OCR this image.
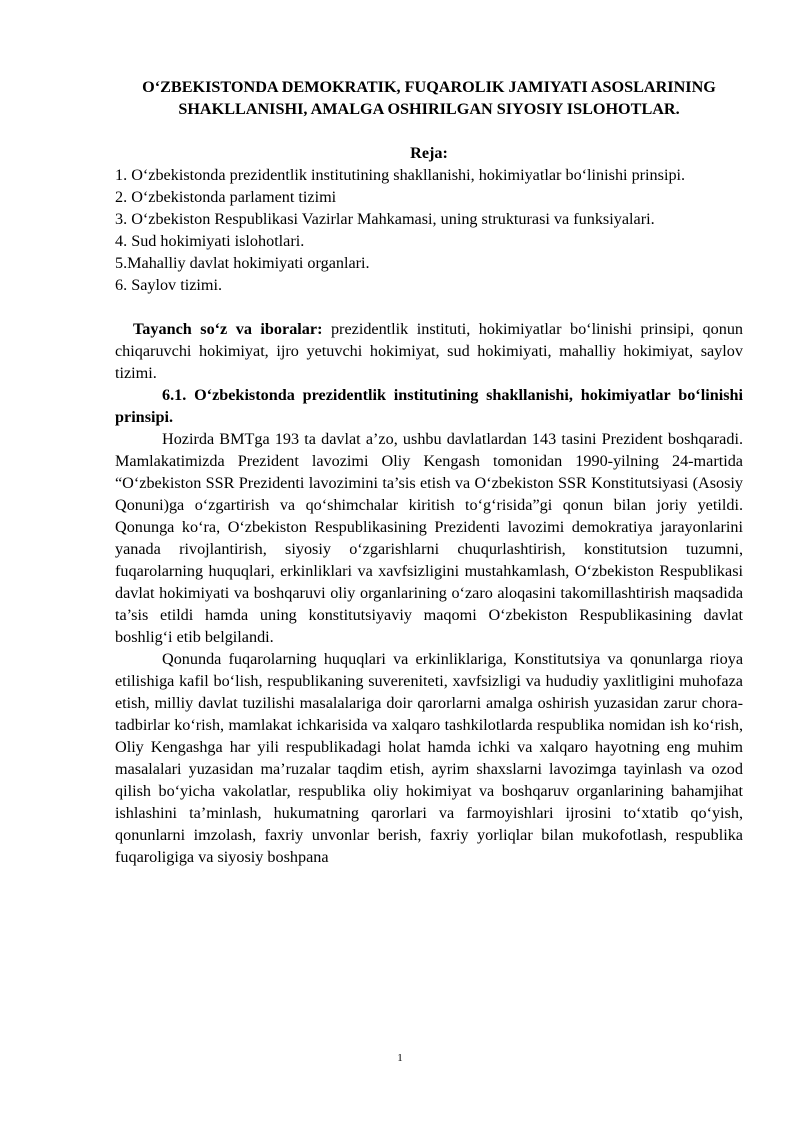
O‘ZBEKISTONDA DEMOKRATIK, FUQAROLIK JAMIYATI ASOSLARINING SHAKLLANISHI, AMALGA OSHIRILGAN SIYOSIY ISLOHOTLAR.

Reja:

1. O‘zbekistonda prezidentlik institutining shakllanishi, hokimiyatlar bo‘linishi prinsipi.
2. O‘zbekistonda parlament tizimi
3. O‘zbekiston Respublikasi Vazirlar Mahkamasi, uning strukturasi va funksiyalari.
4. Sud hokimiyati islohotlari.
5.Mahalliy davlat hokimiyati organlari.
6. Saylov tizimi.

Tayanch so‘z va iboralar: prezidentlik instituti, hokimiyatlar bo‘linishi prinsipi, qonun chiqaruvchi hokimiyat, ijro yetuvchi hokimiyat, sud hokimiyati, mahalliy hokimiyat, saylov tizimi.

6.1. O‘zbekistonda prezidentlik institutining shakllanishi, hokimiyatlar bo‘linishi prinsipi.

Hozirda BMTga 193 ta davlat a’zo, ushbu davlatlardan 143 tasini Prezident boshqaradi. Mamlakatimizda Prezident lavozimi Oliy Kengash tomonidan 1990-yilning 24-martida “O‘zbekiston SSR Prezidenti lavozimini ta’sis etish va O‘zbekiston SSR Konstitutsiyasi (Asosiy Qonuni)ga o‘zgartirish va qo‘shimchalar kiritish to‘g‘risida”gi qonun bilan joriy yetildi. Qonunga ko‘ra, O‘zbekiston Respublikasining Prezidenti lavozimi demokratiya jarayonlarini yanada rivojlantirish, siyosiy o‘zgarishlarni chuqurlashtirish, konstitutsion tuzumni, fuqarolarning huquqlari, erkinliklari va xavfsizligini mustahkamlash, O‘zbekiston Respublikasi davlat hokimiyati va boshqaruvi oliy organlarining o‘zaro aloqasini takomillashtirish maqsadida ta’sis etildi hamda uning konstitutsiyaviy maqomi O‘zbekiston Respublikasining davlat boshlig‘i etib belgilandi.

Qonunda fuqarolarning huquqlari va erkinliklariga, Konstitutsiya va qonunlarga rioya etilishiga kafil bo‘lish, respublikaning suvereniteti, xavfsizligi va hududiy yaxlitligini muhofaza etish, milliy davlat tuzilishi masalalariga doir qarorlarni amalga oshirish yuzasidan zarur chora-tadbirlar ko‘rish, mamlakat ichkarisida va xalqaro tashkilotlarda respublika nomidan ish ko‘rish, Oliy Kengashga har yili respublikadagi holat hamda ichki va xalqaro hayotning eng muhim masalalari yuzasidan ma’ruzalar taqdim etish, ayrim shaxslarni lavozimga tayinlash va ozod qilish bo‘yicha vakolatlar, respublika oliy hokimiyat va boshqaruv organlarining bahamjihat ishlashini ta’minlash, hukumatning qarorlari va farmoyishlari ijrosini to‘xtatib qo‘yish, qonunlarni imzolash, faxriy unvonlar berish, faxriy yorliqlar bilan mukofotlash, respublika fuqaroligiga va siyosiy boshpana

1
